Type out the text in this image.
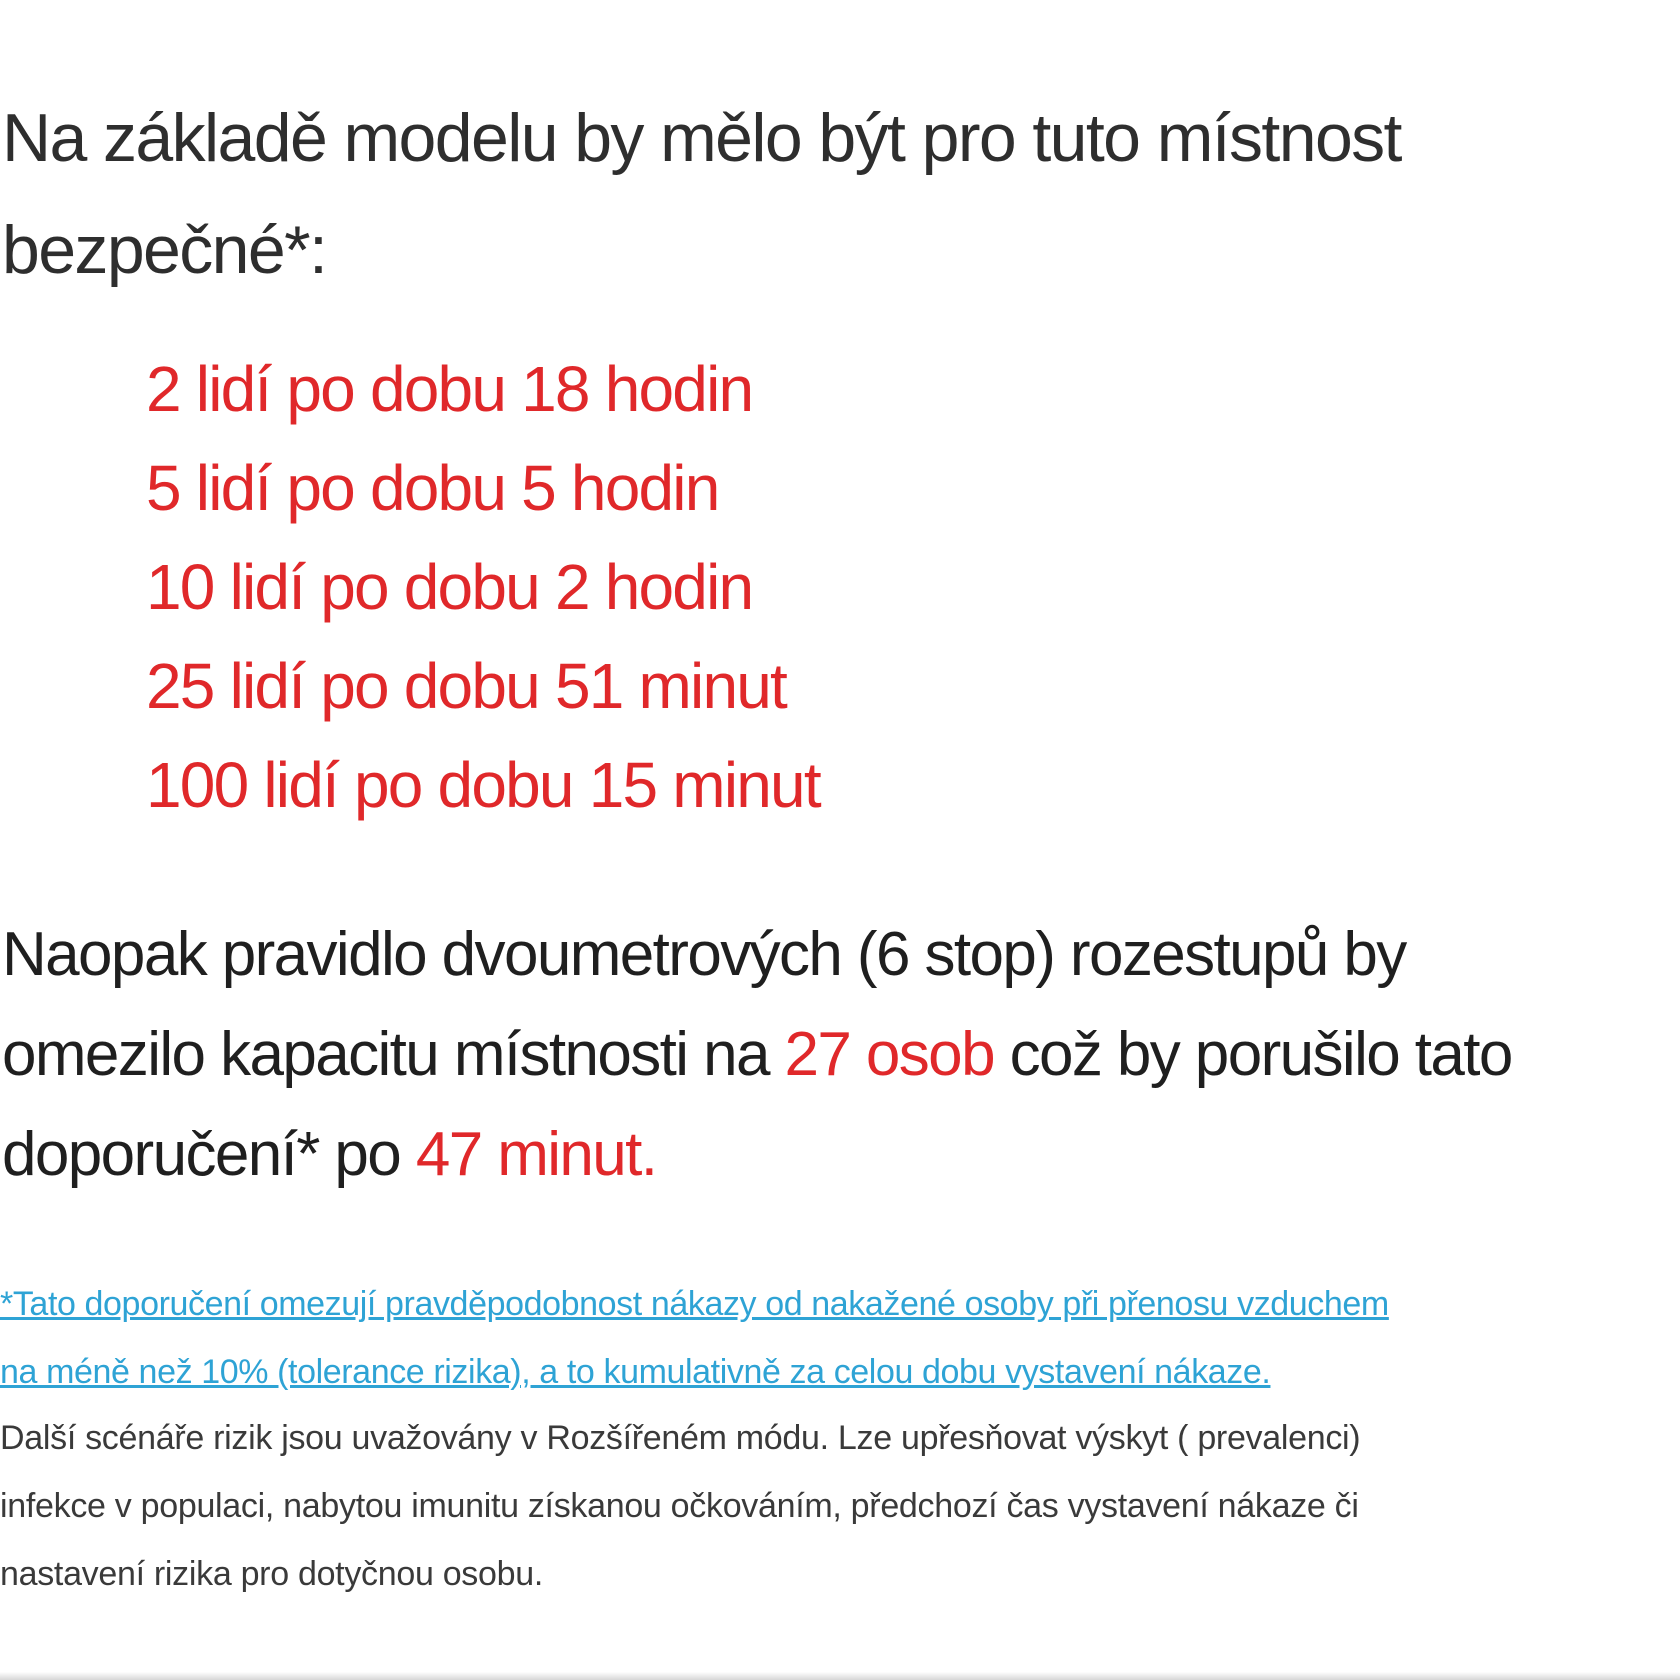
Na základě modelu by mělo být pro tuto místnost
bezpečné*:

2 lidí po dobu 18 hodin
5 lidí po dobu 5 hodin
10 lidí po dobu 2 hodin
25 lidí po dobu 51 minut
100 lidí po dobu 15 minut

Naopak pravidlo dvoumetrových (6 stop) rozestupů by
omezilo kapacitu místnosti na 27 osob což by porušilo tato
doporučení* po 47 minut.

*Tato doporučení omezují pravděpodobnost nákazy od nakažené osoby při přenosu vzduchem
na méně než 10% (tolerance rizika), a to kumulativně za celou dobu vystavení nákaze.

Další scénáře rizik jsou uvažovány v Rozšířeném módu. Lze upřesňovat výskyt ( prevalenci)
infekce v populaci, nabytou imunitu získanou očkováním, předchozí čas vystavení nákaze či
nastavení rizika pro dotyčnou osobu.
